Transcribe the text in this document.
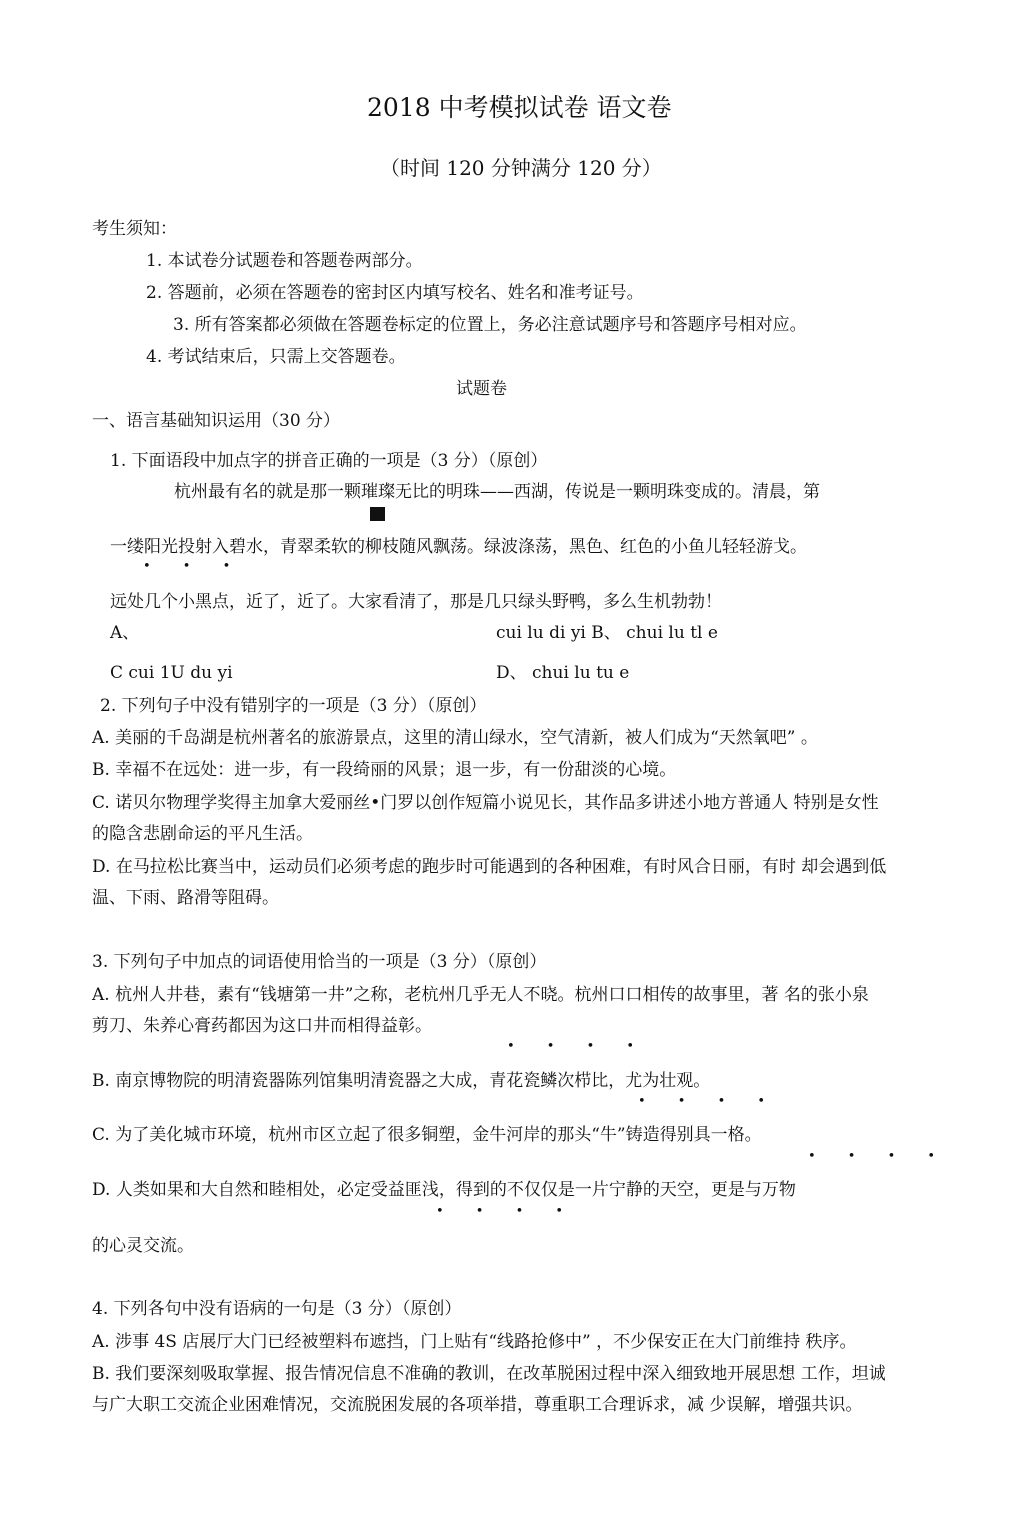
2018 中考模拟试卷 语文卷
（时间 120 分钟满分 120 分）
考生须知：
1. 本试卷分试题卷和答题卷两部分。
2. 答题前，必须在答题卷的密封区内填写校名、姓名和准考证号。
3. 所有答案都必须做在答题卷标定的位置上，务必注意试题序号和答题序号相对应。
4. 考试结束后，只需上交答题卷。
试题卷
一、语言基础知识运用（30 分）
1. 下面语段中加点字的拼音正确的一项是（3 分）（原创）
杭州最有名的就是那一颗璀璨无比的明珠——西湖，传说是一颗明珠变成的。清晨，第
一缕阳光投射入碧水，青翠柔软的柳枝随风飘荡。绿波涤荡，黑色、红色的小鱼儿轻轻游戈。
• • •
远处几个小黑点，近了，近了。大家看清了，那是几只绿头野鸭，多么生机勃勃！
A、	cui lu di yi B、 chui lu tl e
C cui 1U du yi	D、 chui lu tu e
2. 下列句子中没有错别字的一项是（3 分）（原创）
A. 美丽的千岛湖是杭州著名的旅游景点，这里的清山绿水，空气清新，被人们成为“天然氧吧” 。
B. 幸福不在远处：进一步，有一段绮丽的风景；退一步，有一份甜淡的心境。
C. 诺贝尔物理学奖得主加拿大爱丽丝•门罗以创作短篇小说见长，其作品多讲述小地方普通人 特别是女性
的隐含悲剧命运的平凡生活。
D. 在马拉松比赛当中，运动员们必须考虑的跑步时可能遇到的各种困难，有时风合日丽，有时 却会遇到低
温、下雨、路滑等阻碍。
3. 下列句子中加点的词语使用恰当的一项是（3 分）（原创）
A. 杭州人井巷，素有“钱塘第一井”之称，老杭州几乎无人不晓。杭州口口相传的故事里，著 名的张小泉
剪刀、朱养心膏药都因为这口井而相得益彰。
• • • •
B. 南京博物院的明清瓷器陈列馆集明清瓷器之大成，青花瓷鳞次栉比，尤为壮观。
• • • •
C. 为了美化城市环境，杭州市区立起了很多铜塑，金牛河岸的那头“牛”铸造得别具一格。
• • • •
D. 人类如果和大自然和睦相处，必定受益匪浅，得到的不仅仅是一片宁静的天空，更是与万物
• • • •
的心灵交流。
4. 下列各句中没有语病的一句是（3 分）（原创）
A. 涉事 4S 店展厅大门已经被塑料布遮挡，门上贴有“线路抢修中” ，不少保安正在大门前维持 秩序。
B. 我们要深刻吸取掌握、报告情况信息不准确的教训，在改革脱困过程中深入细致地开展思想 工作，坦诚
与广大职工交流企业困难情况，交流脱困发展的各项举措，尊重职工合理诉求，减 少误解，增强共识。
